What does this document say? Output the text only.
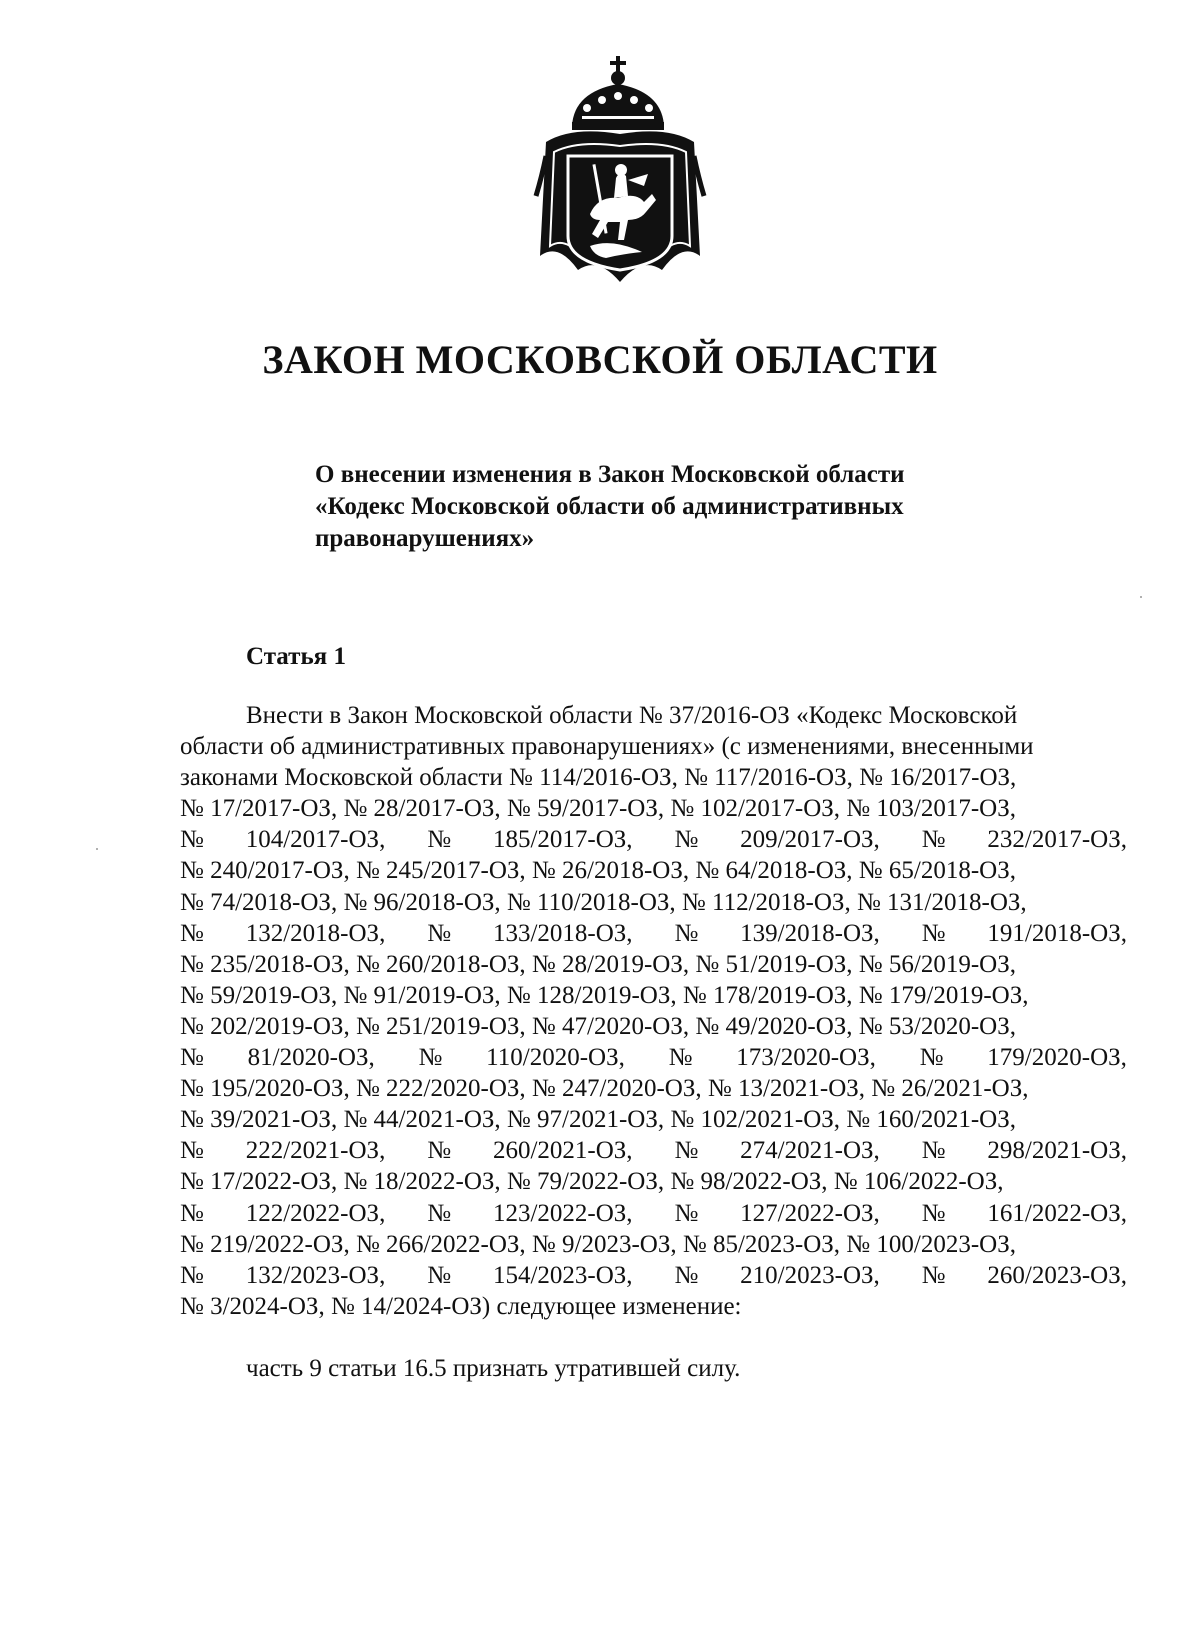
ЗАКОН МОСКОВСКОЙ ОБЛАСТИ
О внесении изменения в Закон Московской области
«Кодекс Московской области об административных
правонарушениях»
Статья 1
Внести в Закон Московской области № 37/2016-ОЗ «Кодекс Московской
области об административных правонарушениях» (с изменениями, внесенными
законами Московской области № 114/2016-ОЗ, № 117/2016-ОЗ, № 16/2017-ОЗ,
№ 17/2017-ОЗ, № 28/2017-ОЗ, № 59/2017-ОЗ, № 102/2017-ОЗ, № 103/2017-ОЗ,
№ 104/2017-ОЗ, № 185/2017-ОЗ, № 209/2017-ОЗ, № 232/2017-ОЗ,
№ 240/2017-ОЗ, № 245/2017-ОЗ, № 26/2018-ОЗ, № 64/2018-ОЗ, № 65/2018-ОЗ,
№ 74/2018-ОЗ, № 96/2018-ОЗ, № 110/2018-ОЗ, № 112/2018-ОЗ, № 131/2018-ОЗ,
№ 132/2018-ОЗ, № 133/2018-ОЗ, № 139/2018-ОЗ, № 191/2018-ОЗ,
№ 235/2018-ОЗ, № 260/2018-ОЗ, № 28/2019-ОЗ, № 51/2019-ОЗ, № 56/2019-ОЗ,
№ 59/2019-ОЗ, № 91/2019-ОЗ, № 128/2019-ОЗ, № 178/2019-ОЗ, № 179/2019-ОЗ,
№ 202/2019-ОЗ, № 251/2019-ОЗ, № 47/2020-ОЗ, № 49/2020-ОЗ, № 53/2020-ОЗ,
№ 81/2020-ОЗ, № 110/2020-ОЗ, № 173/2020-ОЗ, № 179/2020-ОЗ,
№ 195/2020-ОЗ, № 222/2020-ОЗ, № 247/2020-ОЗ, № 13/2021-ОЗ, № 26/2021-ОЗ,
№ 39/2021-ОЗ, № 44/2021-ОЗ, № 97/2021-ОЗ, № 102/2021-ОЗ, № 160/2021-ОЗ,
№ 222/2021-ОЗ, № 260/2021-ОЗ, № 274/2021-ОЗ, № 298/2021-ОЗ,
№ 17/2022-ОЗ, № 18/2022-ОЗ, № 79/2022-ОЗ, № 98/2022-ОЗ, № 106/2022-ОЗ,
№ 122/2022-ОЗ, № 123/2022-ОЗ, № 127/2022-ОЗ, № 161/2022-ОЗ,
№ 219/2022-ОЗ, № 266/2022-ОЗ, № 9/2023-ОЗ, № 85/2023-ОЗ, № 100/2023-ОЗ,
№ 132/2023-ОЗ, № 154/2023-ОЗ, № 210/2023-ОЗ, № 260/2023-ОЗ,
№ 3/2024-ОЗ, № 14/2024-ОЗ) следующее изменение:
часть 9 статьи 16.5 признать утратившей силу.
